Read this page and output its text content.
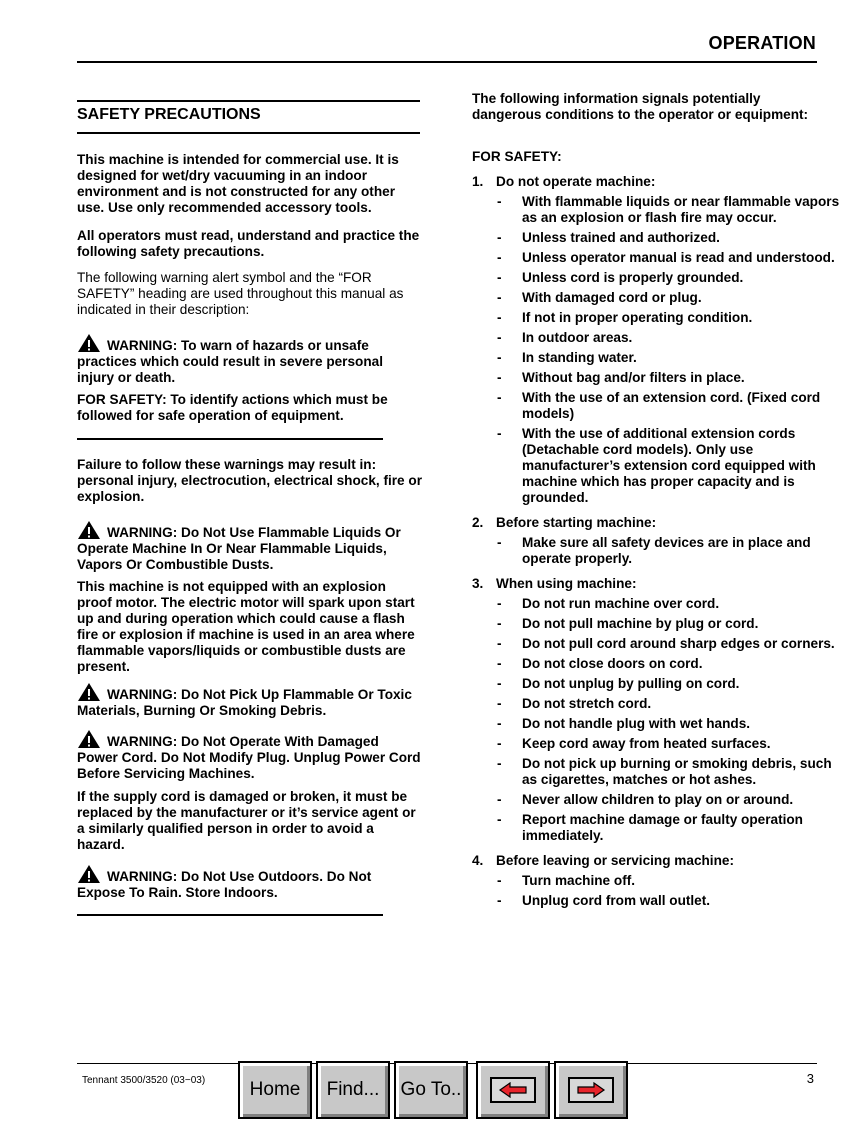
OPERATION
SAFETY PRECAUTIONS
This machine is intended for commercial use. It is designed for wet/dry vacuuming in an indoor environment and is not constructed for any other use. Use only recommended accessory tools.
All operators must read, understand and practice the following safety precautions.
The following warning alert symbol and the “FOR SAFETY” heading are used throughout this manual as indicated in their description:
WARNING: To warn of hazards or unsafe practices which could result in severe personal injury or death.
FOR SAFETY: To identify actions which must be followed for safe operation of equipment.
Failure to follow these warnings may result in: personal injury, electrocution, electrical shock, fire or explosion.
WARNING: Do Not Use Flammable Liquids Or Operate Machine In Or Near Flammable Liquids, Vapors Or Combustible Dusts.
This machine is not equipped with an explosion proof motor. The electric motor will spark upon start up and during operation which could cause a flash fire or explosion if machine is used in an area where flammable vapors/liquids or combustible dusts are present.
WARNING: Do Not Pick Up Flammable Or Toxic Materials, Burning Or Smoking Debris.
WARNING: Do Not Operate With Damaged Power Cord. Do Not Modify Plug. Unplug Power Cord Before Servicing Machines.
If the supply cord is damaged or broken, it must be replaced by the manufacturer or it’s service agent or a similarly qualified person in order to avoid a hazard.
WARNING: Do Not Use Outdoors. Do Not Expose To Rain. Store Indoors.
The following information signals potentially dangerous conditions to the operator or equipment:
FOR SAFETY:
1. Do not operate machine:
- With flammable liquids or near flammable vapors as an explosion or flash fire may occur.
- Unless trained and authorized.
- Unless operator manual is read and understood.
- Unless cord is properly grounded.
- With damaged cord or plug.
- If not in proper operating condition.
- In outdoor areas.
- In standing water.
- Without bag and/or filters in place.
- With the use of an extension cord. (Fixed cord models)
- With the use of additional extension cords (Detachable cord models). Only use manufacturer’s extension cord equipped with machine which has proper capacity and is grounded.
2. Before starting machine:
- Make sure all safety devices are in place and operate properly.
3. When using machine:
- Do not run machine over cord.
- Do not pull machine by plug or cord.
- Do not pull cord around sharp edges or corners.
- Do not close doors on cord.
- Do not unplug by pulling on cord.
- Do not stretch cord.
- Do not handle plug with wet hands.
- Keep cord away from heated surfaces.
- Do not pick up burning or smoking debris, such as cigarettes, matches or hot ashes.
- Never allow children to play on or around.
- Report machine damage or faulty operation immediately.
4. Before leaving or servicing machine:
- Turn machine off.
- Unplug cord from wall outlet.
Tennant 3500/3520 (03−03)	3
Home	Find...	Go To..
